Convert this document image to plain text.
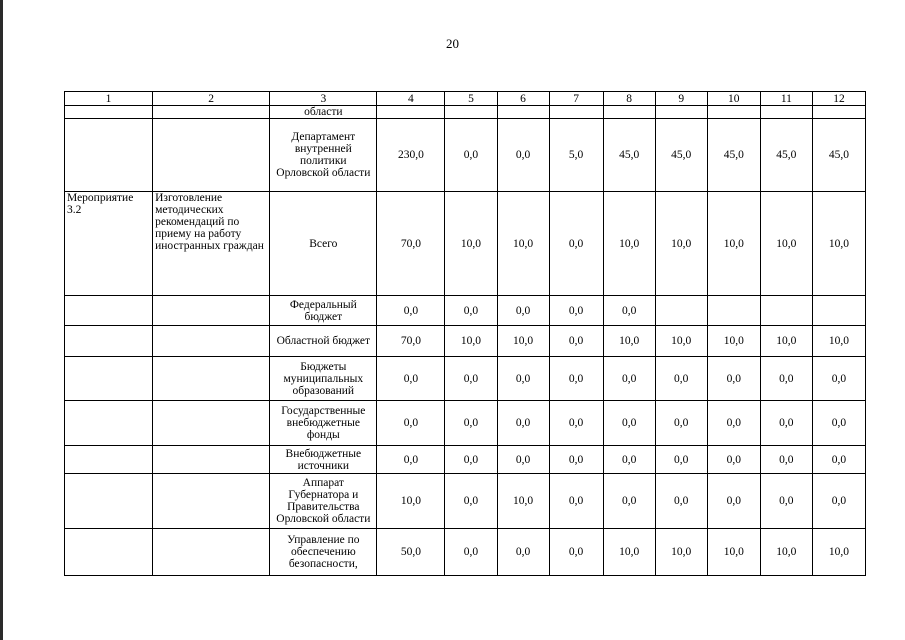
20
1	2	3	4	5	6	7	8	9	10	11	12
		области									
		Департамент внутренней политики Орловской области	230,0	0,0	0,0	5,0	45,0	45,0	45,0	45,0	45,0
Мероприятие 3.2	Изготовление методических рекомендаций по приему на работу иностранных граждан	Всего	70,0	10,0	10,0	0,0	10,0	10,0	10,0	10,0	10,0
		Федеральный бюджет	0,0	0,0	0,0	0,0	0,0				
		Областной бюджет	70,0	10,0	10,0	0,0	10,0	10,0	10,0	10,0	10,0
		Бюджеты муниципальных образований	0,0	0,0	0,0	0,0	0,0	0,0	0,0	0,0	0,0
		Государственные внебюджетные фонды	0,0	0,0	0,0	0,0	0,0	0,0	0,0	0,0	0,0
		Внебюджетные источники	0,0	0,0	0,0	0,0	0,0	0,0	0,0	0,0	0,0
		Аппарат Губернатора и Правительства Орловской области	10,0	0,0	10,0	0,0	0,0	0,0	0,0	0,0	0,0
		Управление по обеспечению безопасности,	50,0	0,0	0,0	0,0	10,0	10,0	10,0	10,0	10,0
